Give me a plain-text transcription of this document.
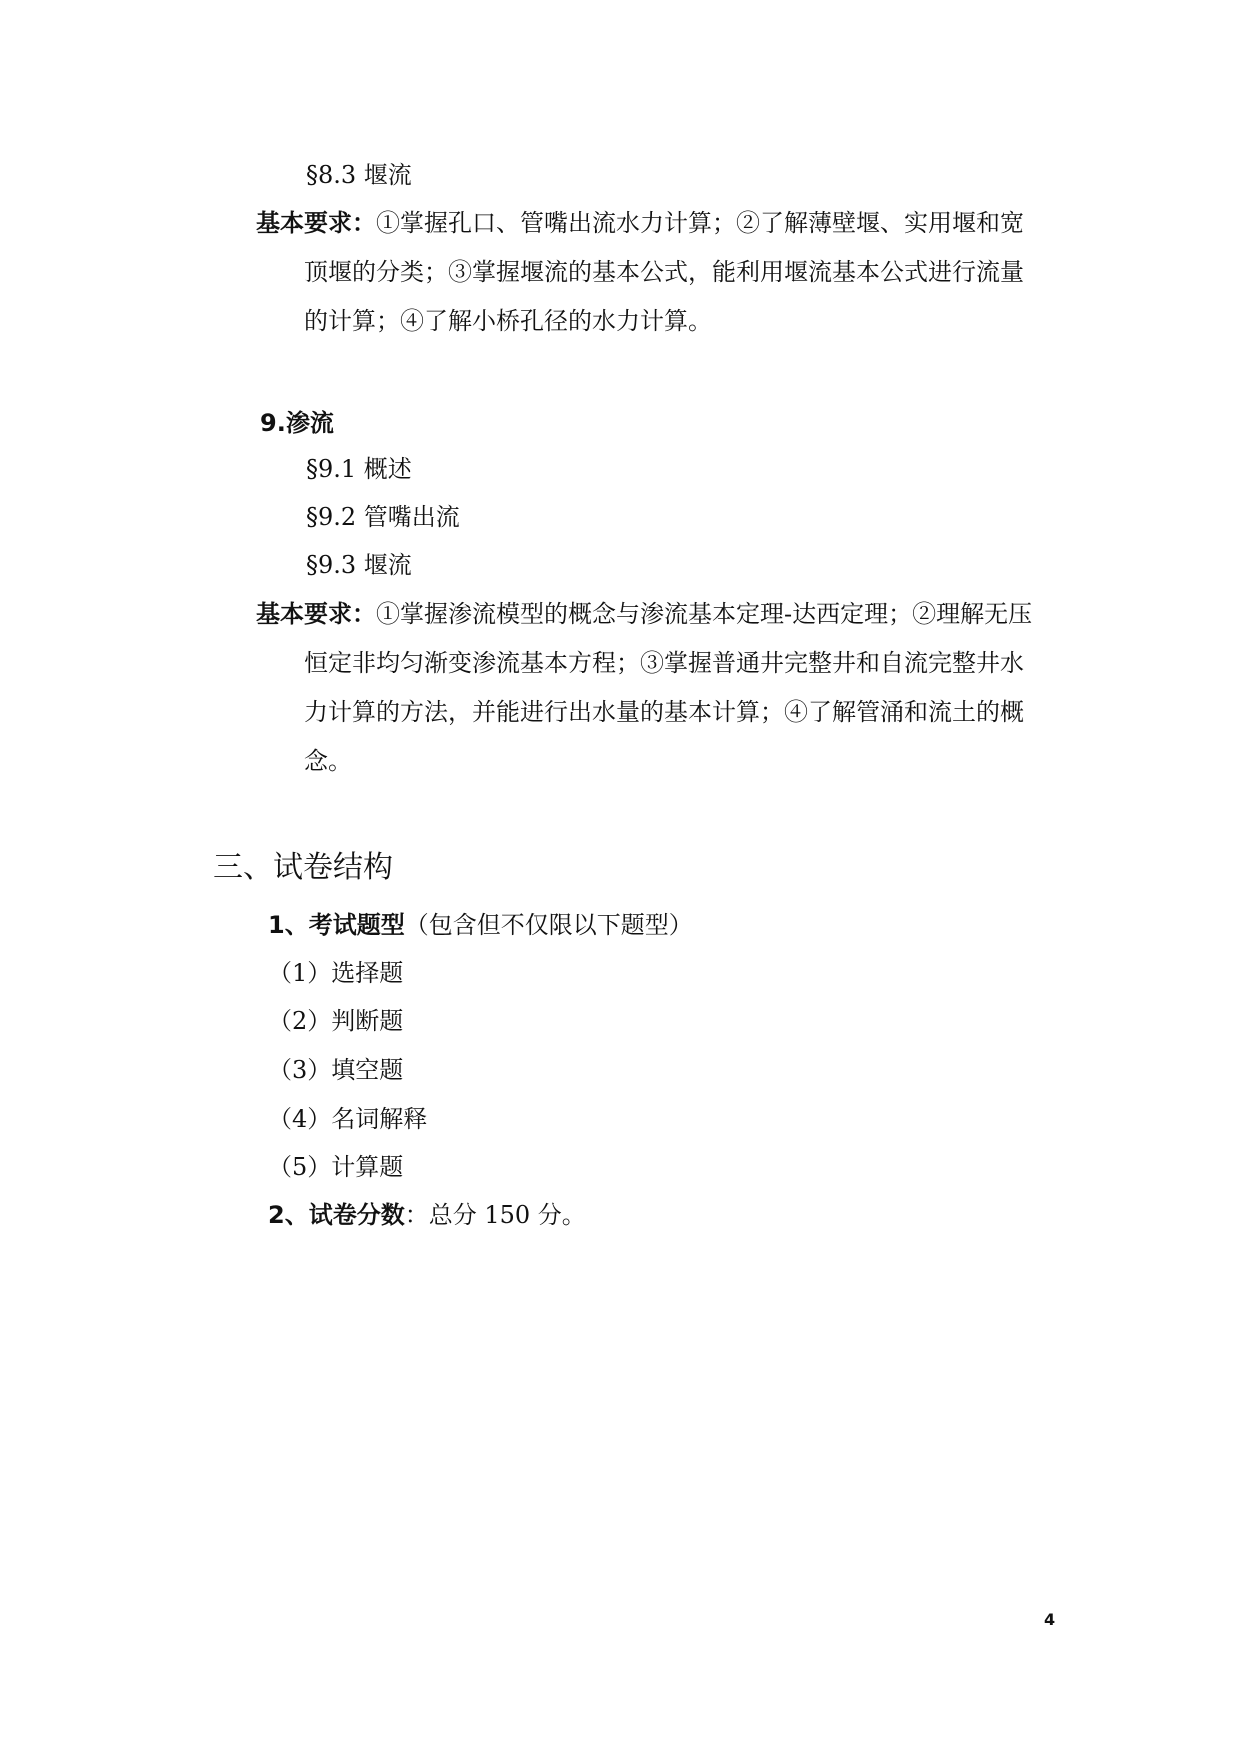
§8.3 堰流
基本要求：①掌握孔口、管嘴出流水力计算；②了解薄壁堰、实用堰和宽
顶堰的分类；③掌握堰流的基本公式，能利用堰流基本公式进行流量
的计算；④了解小桥孔径的水力计算。
9.渗流
§9.1 概述
§9.2 管嘴出流
§9.3 堰流
基本要求：①掌握渗流模型的概念与渗流基本定理-达西定理；②理解无压
恒定非均匀渐变渗流基本方程；③掌握普通井完整井和自流完整井水
力计算的方法，并能进行出水量的基本计算；④了解管涌和流土的概
念。
三、试卷结构
1、考试题型（包含但不仅限以下题型）
（1）选择题
（2）判断题
（3）填空题
（4）名词解释
（5）计算题
2、试卷分数：总分 150 分。
4
